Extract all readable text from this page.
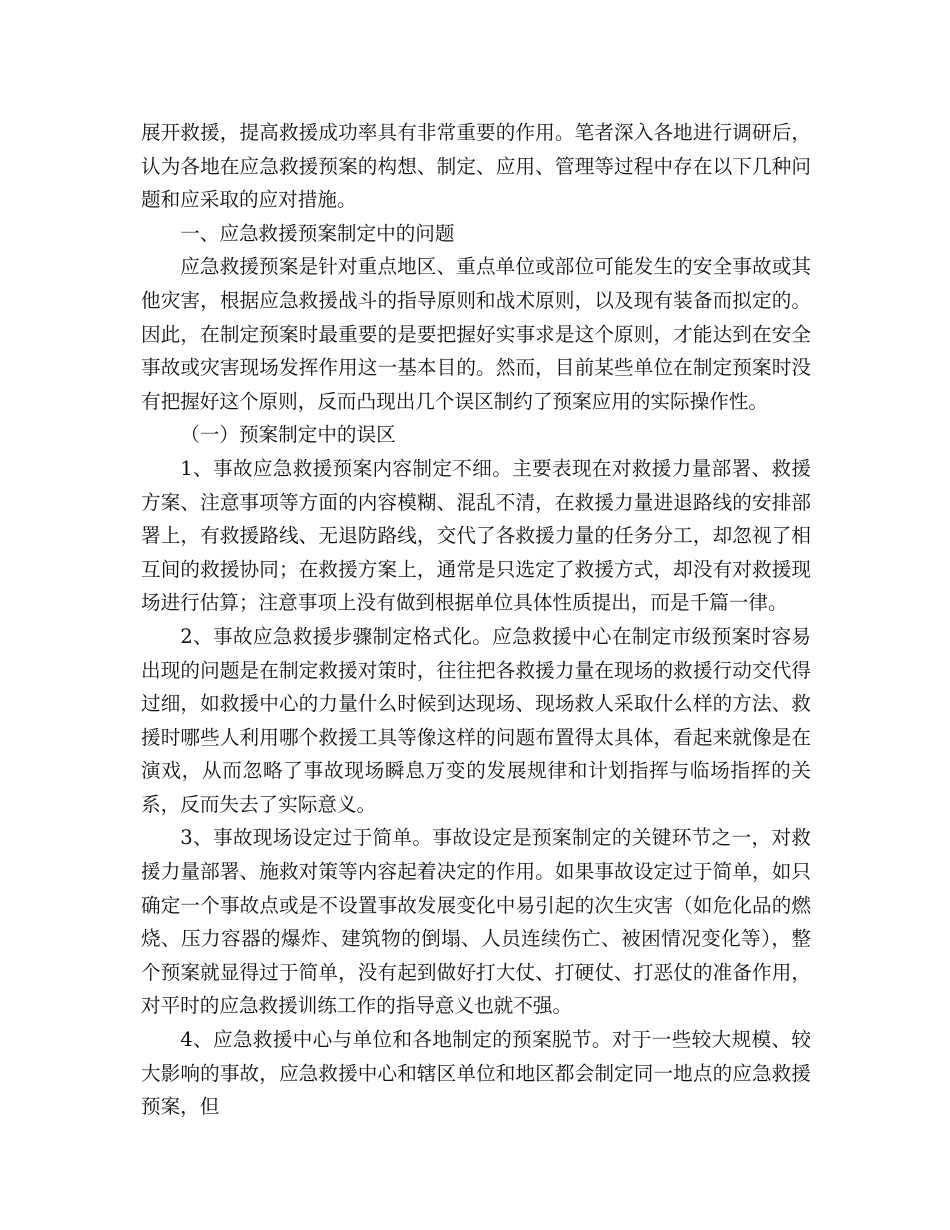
展开救援，提高救援成功率具有非常重要的作用。笔者深入各地进行调研后，认为各地在应急救援预案的构想、制定、应用、管理等过程中存在以下几种问题和应采取的应对措施。

一、应急救援预案制定中的问题

应急救援预案是针对重点地区、重点单位或部位可能发生的安全事故或其他灾害，根据应急救援战斗的指导原则和战术原则，以及现有装备而拟定的。因此，在制定预案时最重要的是要把握好实事求是这个原则，才能达到在安全事故或灾害现场发挥作用这一基本目的。然而，目前某些单位在制定预案时没有把握好这个原则，反而凸现出几个误区制约了预案应用的实际操作性。

（一）预案制定中的误区

1、事故应急救援预案内容制定不细。主要表现在对救援力量部署、救援方案、注意事项等方面的内容模糊、混乱不清，在救援力量进退路线的安排部署上，有救援路线、无退防路线，交代了各救援力量的任务分工，却忽视了相互间的救援协同；在救援方案上，通常是只选定了救援方式，却没有对救援现场进行估算；注意事项上没有做到根据单位具体性质提出，而是千篇一律。

2、事故应急救援步骤制定格式化。应急救援中心在制定市级预案时容易出现的问题是在制定救援对策时，往往把各救援力量在现场的救援行动交代得过细，如救援中心的力量什么时候到达现场、现场救人采取什么样的方法、救援时哪些人利用哪个救援工具等像这样的问题布置得太具体，看起来就像是在演戏，从而忽略了事故现场瞬息万变的发展规律和计划指挥与临场指挥的关系，反而失去了实际意义。

3、事故现场设定过于简单。事故设定是预案制定的关键环节之一，对救援力量部署、施救对策等内容起着决定的作用。如果事故设定过于简单，如只确定一个事故点或是不设置事故发展变化中易引起的次生灾害（如危化品的燃烧、压力容器的爆炸、建筑物的倒塌、人员连续伤亡、被困情况变化等），整个预案就显得过于简单，没有起到做好打大仗、打硬仗、打恶仗的准备作用，对平时的应急救援训练工作的指导意义也就不强。

4、应急救援中心与单位和各地制定的预案脱节。对于一些较大规模、较大影响的事故，应急救援中心和辖区单位和地区都会制定同一地点的应急救援预案，但
